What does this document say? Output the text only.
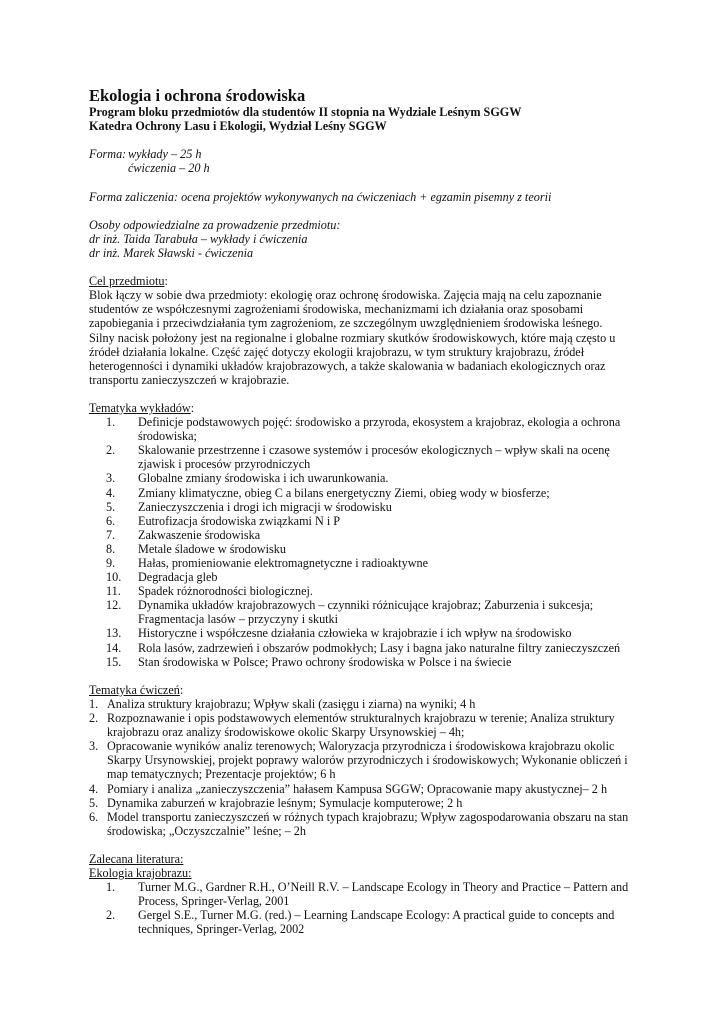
Ekologia i ochrona środowiska
Program bloku przedmiotów dla studentów II stopnia na Wydziale Leśnym SGGW
Katedra Ochrony Lasu i Ekologii, Wydział Leśny SGGW
Forma: wykłady – 25 h
ćwiczenia – 20 h

Forma zaliczenia: ocena projektów wykonywanych na ćwiczeniach + egzamin pisemny z teorii

Osoby odpowiedzialne za prowadzenie przedmiotu:
dr inż. Taida Tarabuła – wykłady i ćwiczenia
dr inż. Marek Sławski - ćwiczenia
Cel przedmiotu:

Blok łączy w sobie dwa przedmioty: ekologię oraz ochronę środowiska. Zajęcia mają na celu zapoznanie studentów ze współczesnymi zagrożeniami środowiska, mechanizmami ich działania oraz sposobami zapobiegania i przeciwdziałania tym zagrożeniom, ze szczególnym uwzględnieniem środowiska leśnego. Silny nacisk położony jest na regionalne i globalne rozmiary skutków środowiskowych, które mają często u źródeł działania lokalne. Część zajęć dotyczy ekologii krajobrazu, w tym struktury krajobrazu, źródeł heterogenności i dynamiki układów krajobrazowych, a także skalowania w badaniach ekologicznych oraz transportu zanieczyszczeń w krajobrazie.

Tematyka wykładów:
1.	Definicje podstawowych pojęć: środowisko a przyroda, ekosystem a krajobraz, ekologia a ochrona środowiska;
2.	Skalowanie przestrzenne i czasowe systemów i procesów ekologicznych – wpływ skali na ocenę zjawisk i procesów przyrodniczych
3.	Globalne zmiany środowiska i ich uwarunkowania.
4.	Zmiany klimatyczne, obieg C a bilans energetyczny Ziemi, obieg wody w biosferze;
5.	Zanieczyszczenia i drogi ich migracji w środowisku
6.	Eutrofizacja środowiska związkami N i P
7.	Zakwaszenie środowiska
8.	Metale śladowe w środowisku
9.	Hałas, promieniowanie elektromagnetyczne i radioaktywne
10.	Degradacja gleb
11.	Spadek różnorodności biologicznej.
12.	Dynamika układów krajobrazowych – czynniki różnicujące krajobraz; Zaburzenia i sukcesja; Fragmentacja lasów – przyczyny i skutki
13.	Historyczne i współczesne działania człowieka w krajobrazie i ich wpływ na środowisko
14.	Rola lasów, zadrzewień i obszarów podmokłych; Lasy i bagna jako naturalne filtry zanieczyszczeń
15.	Stan środowiska w Polsce; Prawo ochrony środowiska w Polsce i na świecie
Tematyka ćwiczeń:
1. Analiza struktury krajobrazu; Wpływ skali (zasięgu i ziarna) na wyniki; 4 h
2. Rozpoznawanie i opis podstawowych elementów strukturalnych krajobrazu w terenie; Analiza struktury krajobrazu oraz analizy środowiskowe okolic Skarpy Ursynowskiej – 4h;
3. Opracowanie wyników analiz terenowych; Waloryzacja przyrodnicza i środowiskowa krajobrazu okolic Skarpy Ursynowskiej, projekt poprawy walorów przyrodniczych i środowiskowych; Wykonanie obliczeń i map tematycznych; Prezentacje projektów; 6 h
4. Pomiary i analiza „zanieczyszczenia” hałasem Kampusa SGGW; Opracowanie mapy akustycznej– 2 h
5. Dynamika zaburzeń w krajobrazie leśnym; Symulacje komputerowe; 2 h
6. Model transportu zanieczyszczeń w różnych typach krajobrazu; Wpływ zagospodarowania obszaru na stan środowiska; „Oczyszczalnie” leśne; – 2h
Zalecana literatura:
Ekologia krajobrazu:
1.	Turner M.G., Gardner R.H., O’Neill R.V. – Landscape Ecology in Theory and Practice – Pattern and Process, Springer-Verlag, 2001
2.	Gergel S.E., Turner M.G. (red.) – Learning Landscape Ecology: A practical guide to concepts and techniques, Springer-Verlag, 2002
